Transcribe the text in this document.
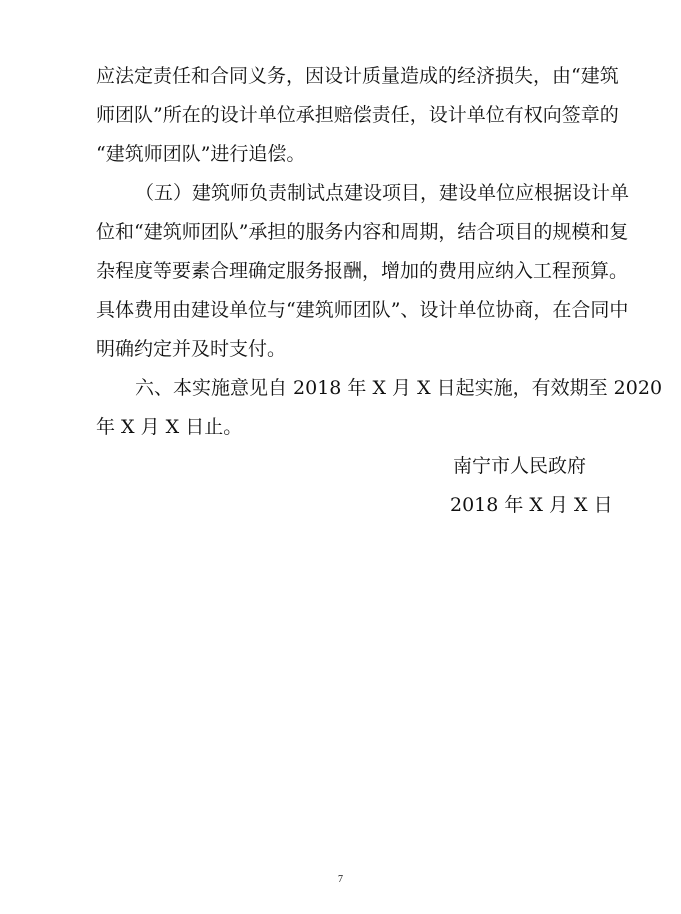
应法定责任和合同义务，因设计质量造成的经济损失，由“建筑
师团队”所在的设计单位承担赔偿责任，设计单位有权向签章的
“建筑师团队”进行追偿。
（五）建筑师负责制试点建设项目，建设单位应根据设计单
位和“建筑师团队”承担的服务内容和周期，结合项目的规模和复
杂程度等要素合理确定服务报酬，增加的费用应纳入工程预算。
具体费用由建设单位与“建筑师团队”、设计单位协商，在合同中
明确约定并及时支付。
六、本实施意见自 2018 年 X 月 X 日起实施，有效期至 2020
年 X 月 X 日止。
南宁市人民政府
2018 年 X 月 X 日
7
